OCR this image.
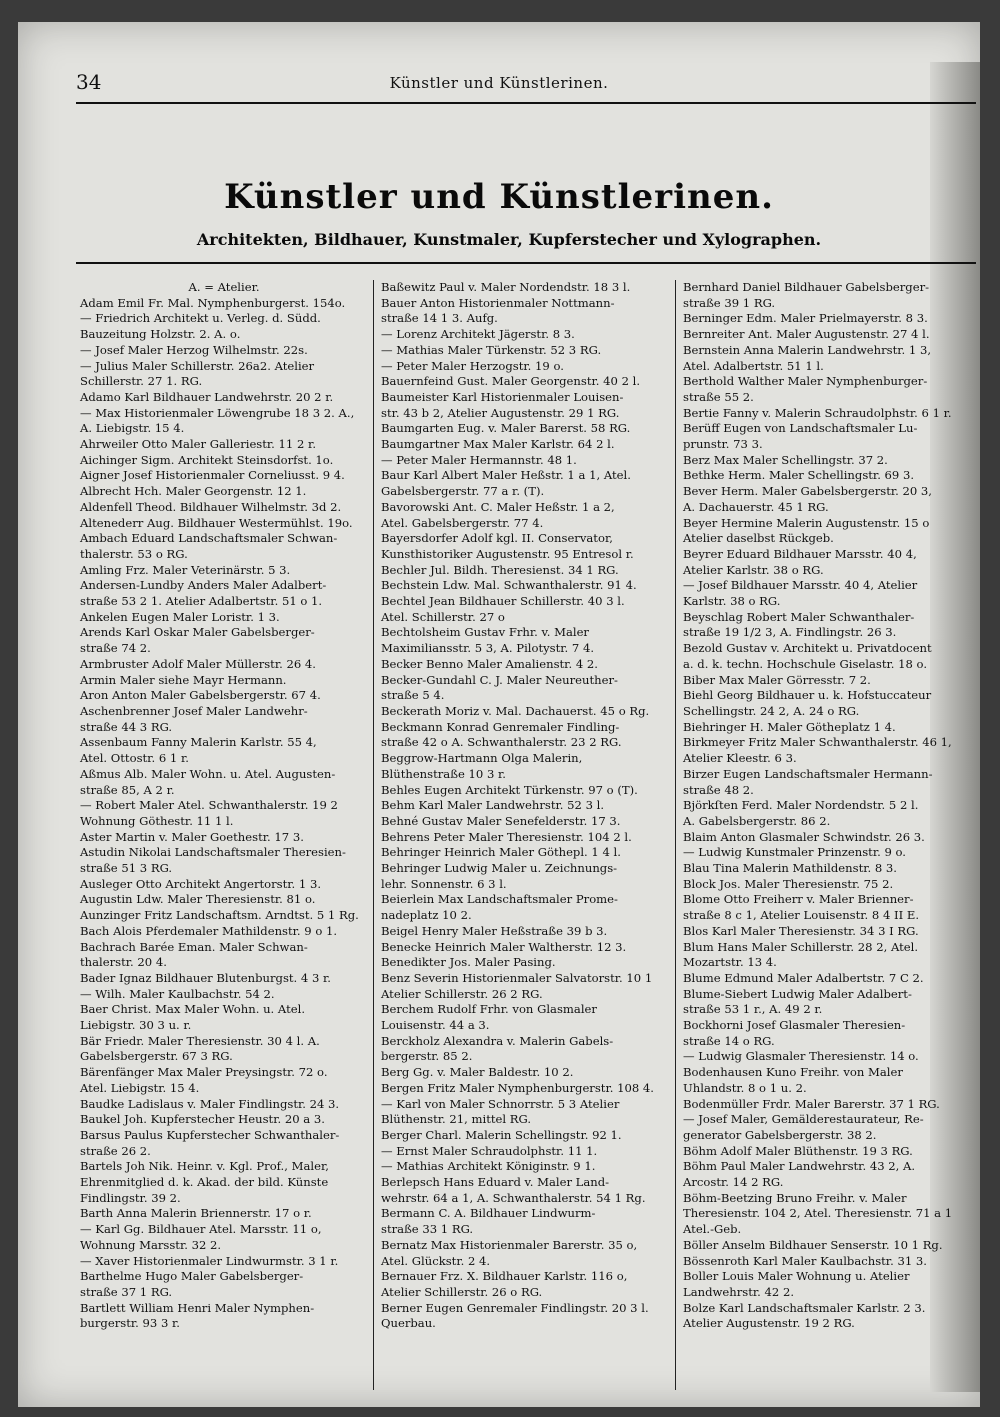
34	Künstler und Künstlerinen.
Künstler und Künstlerinen.
Architekten, Bildhauer, Kunstmaler, Kupferstecher und Xylographen.

A. = Atelier.

Adam Emil Fr. Mal. Nymphenburgerst. 154o.

— Friedrich Architekt u. Verleg. d. Südd.

Bauzeitung Holzstr. 2. A. o.

— Josef Maler Herzog Wilhelmstr. 22s.

— Julius Maler Schillerstr. 26a2. Atelier

Schillerstr. 27 1. RG.

Adamo Karl Bildhauer Landwehrstr. 20 2 r.

— Max Historienmaler Löwengrube 18 3 2. A.,

A. Liebigstr. 15 4.

Ahrweiler Otto Maler Galleriestr. 11 2 r.

Aichinger Sigm. Architekt Steinsdorfst. 1o.

Aigner Josef Historienmaler Corneliusst. 9 4.

Albrecht Hch. Maler Georgenstr. 12 1.

Aldenfell Theod. Bildhauer Wilhelmstr. 3d 2.

Altenederr Aug. Bildhauer Westermühlst. 19o.

Ambach Eduard Landschaftsmaler Schwan-

thalerstr. 53 o RG.

Amling Frz. Maler Veterinärstr. 5 3.

Andersen-Lundby Anders Maler Adalbert-

straße 53 2 1. Atelier Adalbertstr. 51 o 1.

Ankelen Eugen Maler Loristr. 1 3.

Arends Karl Oskar Maler Gabelsberger-

straße 74 2.

Armbruster Adolf Maler Müllerstr. 26 4.

Armin Maler siehe Mayr Hermann.

Aron Anton Maler Gabelsbergerstr. 67 4.

Aschenbrenner Josef Maler Landwehr-

straße 44 3 RG.

Assenbaum Fanny Malerin Karlstr. 55 4,

Atel. Ottostr. 6 1 r.

Aßmus Alb. Maler Wohn. u. Atel. Augusten-

straße 85, A 2 r.

— Robert Maler Atel. Schwanthalerstr. 19 2

Wohnung Göthestr. 11 1 l.

Aster Martin v. Maler Goethestr. 17 3.

Astudin Nikolai Landschaftsmaler Theresien-

straße 51 3 RG.

Ausleger Otto Architekt Angertorstr. 1 3.

Augustin Ldw. Maler Theresienstr. 81 o.

Aunzinger Fritz Landschaftsm. Arndtst. 5 1 Rg.

Bach Alois Pferdemaler Mathildenstr. 9 o 1.

Bachrach Barée Eman. Maler Schwan-

thalerstr. 20 4.

Bader Ignaz Bildhauer Blutenburgst. 4 3 r.

— Wilh. Maler Kaulbachstr. 54 2.

Baer Christ. Max Maler Wohn. u. Atel.

Liebigstr. 30 3 u. r.

Bär Friedr. Maler Theresienstr. 30 4 l. A.

Gabelsbergerstr. 67 3 RG.

Bärenfänger Max Maler Preysingstr. 72 o.

Atel. Liebigstr. 15 4.

Baudke Ladislaus v. Maler Findlingstr. 24 3.

Baukel Joh. Kupferstecher Heustr. 20 a 3.

Barsus Paulus Kupferstecher Schwanthaler-

straße 26 2.

Bartels Joh Nik. Heinr. v. Kgl. Prof., Maler,

Ehrenmitglied d. k. Akad. der bild. Künste

Findlingstr. 39 2.

Barth Anna Malerin Briennerstr. 17 o r.

— Karl Gg. Bildhauer Atel. Marsstr. 11 o,

Wohnung Marsstr. 32 2.

— Xaver Historienmaler Lindwurmstr. 3 1 r.

Barthelme Hugo Maler Gabelsberger-

straße 37 1 RG.

Bartlett William Henri Maler Nymphen-

burgerstr. 93 3 r.

Baßewitz Paul v. Maler Nordendstr. 18 3 l.

Bauer Anton Historienmaler Nottmann-

straße 14 1 3. Aufg.

— Lorenz Architekt Jägerstr. 8 3.

— Mathias Maler Türkenstr. 52 3 RG.

— Peter Maler Herzogstr. 19 o.

Bauernfeind Gust. Maler Georgenstr. 40 2 l.

Baumeister Karl Historienmaler Louisen-

str. 43 b 2, Atelier Augustenstr. 29 1 RG.

Baumgarten Eug. v. Maler Barerst. 58 RG.

Baumgartner Max Maler Karlstr. 64 2 l.

— Peter Maler Hermannstr. 48 1.

Baur Karl Albert Maler Heßstr. 1 a 1, Atel.

Gabelsbergerstr. 77 a r. (T).

Bavorowski Ant. C. Maler Heßstr. 1 a 2,

Atel. Gabelsbergerstr. 77 4.

Bayersdorfer Adolf kgl. II. Conservator,

Kunsthistoriker Augustenstr. 95 Entresol r.

Bechler Jul. Bildh. Theresienst. 34 1 RG.

Bechstein Ldw. Mal. Schwanthalerstr. 91 4.

Bechtel Jean Bildhauer Schillerstr. 40 3 l.

Atel. Schillerstr. 27 o

Bechtolsheim Gustav Frhr. v. Maler

Maximiliansstr. 5 3, A. Pilotystr. 7 4.

Becker Benno Maler Amalienstr. 4 2.

Becker-Gundahl C. J. Maler Neureuther-

straße 5 4.

Beckerath Moriz v. Mal. Dachauerst. 45 o Rg.

Beckmann Konrad Genremaler Findling-

straße 42 o A. Schwanthalerstr. 23 2 RG.

Beggrow-Hartmann Olga Malerin,

Blüthenstraße 10 3 r.

Behles Eugen Architekt Türkenstr. 97 o (T).

Behm Karl Maler Landwehrstr. 52 3 l.

Behné Gustav Maler Senefelderstr. 17 3.

Behrens Peter Maler Theresienstr. 104 2 l.

Behringer Heinrich Maler Göthepl. 1 4 l.

Behringer Ludwig Maler u. Zeichnungs-

lehr. Sonnenstr. 6 3 l.

Beierlein Max Landschaftsmaler Prome-

nadeplatz 10 2.

Beigel Henry Maler Heßstraße 39 b 3.

Benecke Heinrich Maler Waltherstr. 12 3.

Benedikter Jos. Maler Pasing.

Benz Severin Historienmaler Salvatorstr. 10 1

Atelier Schillerstr. 26 2 RG.

Berchem Rudolf Frhr. von Glasmaler

Louisenstr. 44 a 3.

Berckholz Alexandra v. Malerin Gabels-

bergerstr. 85 2.

Berg Gg. v. Maler Baldestr. 10 2.

Bergen Fritz Maler Nymphenburgerstr. 108 4.

— Karl von Maler Schnorrstr. 5 3 Atelier

Blüthenstr. 21, mittel RG.

Berger Charl. Malerin Schellingstr. 92 1.

— Ernst Maler Schraudolphstr. 11 1.

— Mathias Architekt Königinstr. 9 1.

Berlepsch Hans Eduard v. Maler Land-

wehrstr. 64 a 1, A. Schwanthalerstr. 54 1 Rg.

Bermann C. A. Bildhauer Lindwurm-

straße 33 1 RG.

Bernatz Max Historienmaler Barerstr. 35 o,

Atel. Glückstr. 2 4.

Bernauer Frz. X. Bildhauer Karlstr. 116 o,

Atelier Schillerstr. 26 o RG.

Berner Eugen Genremaler Findlingstr. 20 3 l.

Querbau.

Bernhard Daniel Bildhauer Gabelsberger-

straße 39 1 RG.

Berninger Edm. Maler Prielmayerstr. 8 3.

Bernreiter Ant. Maler Augustenstr. 27 4 l.

Bernstein Anna Malerin Landwehrstr. 1 3,

Atel. Adalbertstr. 51 1 l.

Berthold Walther Maler Nymphenburger-

straße 55 2.

Bertie Fanny v. Malerin Schraudolphstr. 6 1 r.

Berüff Eugen von Landschaftsmaler Lu-

prunstr. 73 3.

Berz Max Maler Schellingstr. 37 2.

Bethke Herm. Maler Schellingstr. 69 3.

Bever Herm. Maler Gabelsbergerstr. 20 3,

A. Dachauerstr. 45 1 RG.

Beyer Hermine Malerin Augustenstr. 15 o

Atelier daselbst Rückgeb.

Beyrer Eduard Bildhauer Marsstr. 40 4,

Atelier Karlstr. 38 o RG.

— Josef Bildhauer Marsstr. 40 4, Atelier

Karlstr. 38 o RG.

Beyschlag Robert Maler Schwanthaler-

straße 19 1/2 3, A. Findlingstr. 26 3.

Bezold Gustav v. Architekt u. Privatdocent

a. d. k. techn. Hochschule Giselastr. 18 o.

Biber Max Maler Görresstr. 7 2.

Biehl Georg Bildhauer u. k. Hofstuccateur

Schellingstr. 24 2, A. 24 o RG.

Biehringer H. Maler Götheplatz 1 4.

Birkmeyer Fritz Maler Schwanthalerstr. 46 1,

Atelier Kleestr. 6 3.

Birzer Eugen Landschaftsmaler Hermann-

straße 48 2.

Björkſten Ferd. Maler Nordendstr. 5 2 l.

A. Gabelsbergerstr. 86 2.

Blaim Anton Glasmaler Schwindstr. 26 3.

— Ludwig Kunstmaler Prinzenstr. 9 o.

Blau Tina Malerin Mathildenstr. 8 3.

Block Jos. Maler Theresienstr. 75 2.

Blome Otto Freiherr v. Maler Brienner-

straße 8 c 1, Atelier Louisenstr. 8 4 II E.

Blos Karl Maler Theresienstr. 34 3 I RG.

Blum Hans Maler Schillerstr. 28 2, Atel.

Mozartstr. 13 4.

Blume Edmund Maler Adalbertstr. 7 C 2.

Blume-Siebert Ludwig Maler Adalbert-

straße 53 1 r., A. 49 2 r.

Bockhorni Josef Glasmaler Theresien-

straße 14 o RG.

— Ludwig Glasmaler Theresienstr. 14 o.

Bodenhausen Kuno Freihr. von Maler

Uhlandstr. 8 o 1 u. 2.

Bodenmüller Frdr. Maler Barerstr. 37 1 RG.

— Josef Maler, Gemälderestaurateur, Re-

generator Gabelsbergerstr. 38 2.

Böhm Adolf Maler Blüthenstr. 19 3 RG.

Böhm Paul Maler Landwehrstr. 43 2, A.

Arcostr. 14 2 RG.

Böhm-Beetzing Bruno Freihr. v. Maler

Theresienstr. 104 2, Atel. Theresienstr. 71 a 1

Atel.-Geb.

Böller Anselm Bildhauer Senserstr. 10 1 Rg.

Bössenroth Karl Maler Kaulbachstr. 31 3.

Boller Louis Maler Wohnung u. Atelier

Landwehrstr. 42 2.

Bolze Karl Landschaftsmaler Karlstr. 2 3.

Atelier Augustenstr. 19 2 RG.
